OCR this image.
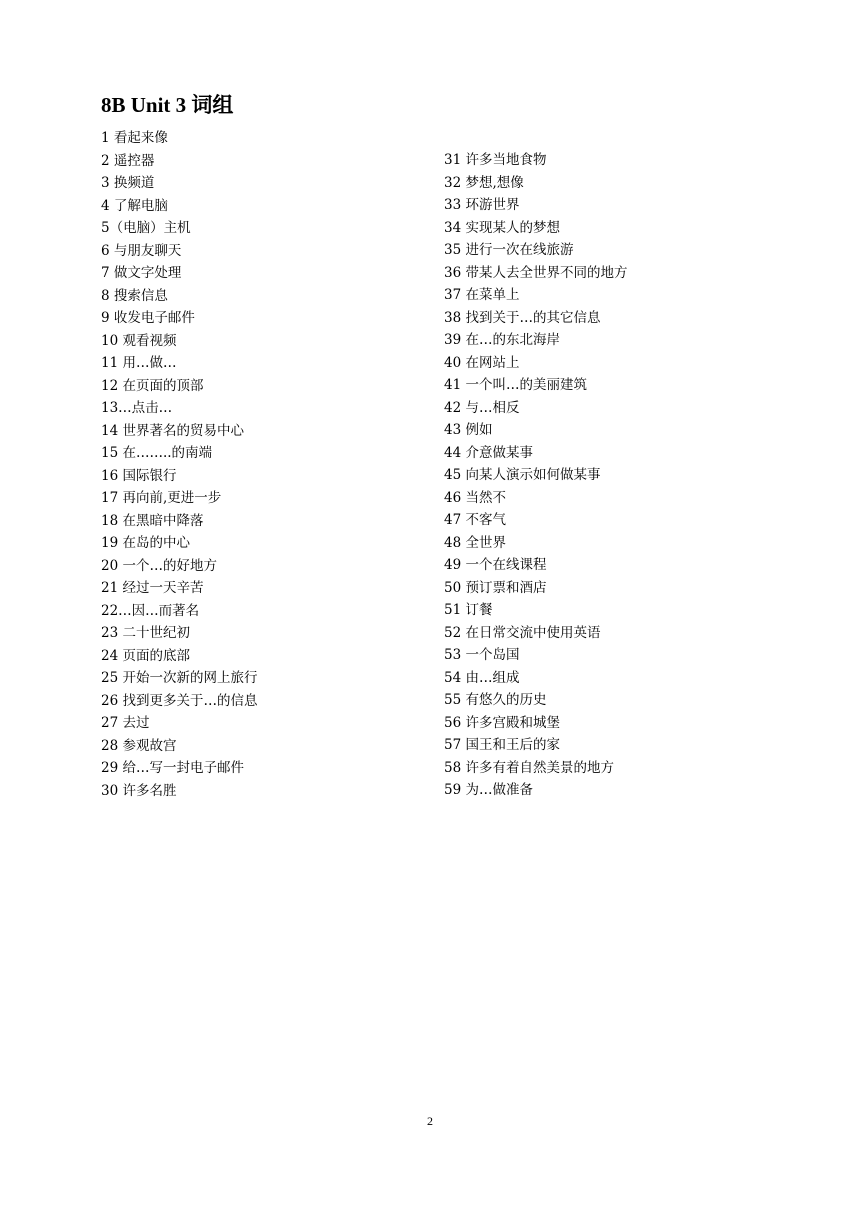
8B Unit 3 词组
1 看起来像
2 遥控器
3 换频道
4 了解电脑
5（电脑）主机
6 与朋友聊天
7 做文字处理
8 搜索信息
9 收发电子邮件
10 观看视频
11 用…做…
12 在页面的顶部
13…点击…
14 世界著名的贸易中心
15 在……..的南端
16 国际银行
17 再向前,更进一步
18 在黑暗中降落
19 在岛的中心
20 一个…的好地方
21 经过一天辛苦
22…因…而著名
23 二十世纪初
24 页面的底部
25 开始一次新的网上旅行
26 找到更多关于…的信息
27 去过
28 参观故宫
29 给…写一封电子邮件
30 许多名胜
31 许多当地食物
32 梦想,想像
33 环游世界
34 实现某人的梦想
35 进行一次在线旅游
36 带某人去全世界不同的地方
37 在菜单上
38 找到关于…的其它信息
39 在…的东北海岸
40 在网站上
41 一个叫…的美丽建筑
42 与…相反
43 例如
44 介意做某事
45 向某人演示如何做某事
46 当然不
47 不客气
48 全世界
49 一个在线课程
50 预订票和酒店
51 订餐
52 在日常交流中使用英语
53 一个岛国
54 由…组成
55 有悠久的历史
56 许多宫殿和城堡
57 国王和王后的家
58 许多有着自然美景的地方
59 为…做准备
2
